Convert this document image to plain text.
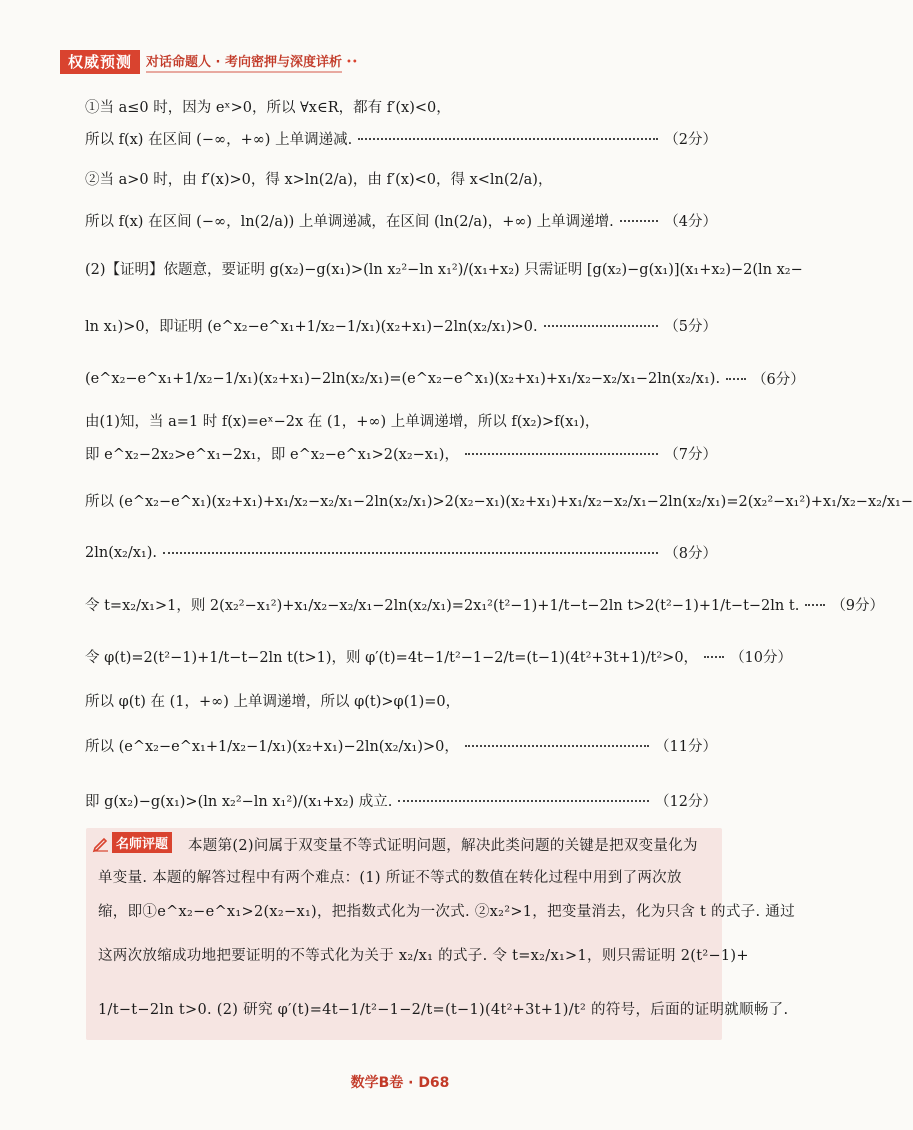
权威预测	对话命题人 · 考向密押与深度详析 ••
①当 a≤0 时，因为 eˣ>0，所以 ∀x∈R，都有 f′(x)<0，
所以 f(x) 在区间 (−∞，+∞) 上单调递减.	（2分）
②当 a>0 时，由 f′(x)>0，得 x>ln(2/a)，由 f′(x)<0，得 x<ln(2/a)，
所以 f(x) 在区间 (−∞，ln(2/a)) 上单调递减，在区间 (ln(2/a)，+∞) 上单调递增.	（4分）
(2)【证明】依题意，要证明 g(x₂)−g(x₁)>(ln x₂²−ln x₁²)/(x₁+x₂) 只需证明 [g(x₂)−g(x₁)](x₁+x₂)−2(ln x₂−
ln x₁)>0，即证明 (e^x₂−e^x₁+1/x₂−1/x₁)(x₂+x₁)−2ln(x₂/x₁)>0.	（5分）
(e^x₂−e^x₁+1/x₂−1/x₁)(x₂+x₁)−2ln(x₂/x₁)=(e^x₂−e^x₁)(x₂+x₁)+x₁/x₂−x₂/x₁−2ln(x₂/x₁). （6分）
由(1)知，当 a=1 时 f(x)=eˣ−2x 在 (1，+∞) 上单调递增，所以 f(x₂)>f(x₁)，
即 e^x₂−2x₂>e^x₁−2x₁，即 e^x₂−e^x₁>2(x₂−x₁)，	（7分）
所以 (e^x₂−e^x₁)(x₂+x₁)+x₁/x₂−x₂/x₁−2ln(x₂/x₁)>2(x₂−x₁)(x₂+x₁)+x₁/x₂−x₂/x₁−2ln(x₂/x₁)=2(x₂²−x₁²)+x₁/x₂−x₂/x₁−
2ln(x₂/x₁).	（8分）
令 t=x₂/x₁>1，则 2(x₂²−x₁²)+x₁/x₂−x₂/x₁−2ln(x₂/x₁)=2x₁²(t²−1)+1/t−t−2ln t>2(t²−1)+1/t−t−2ln t. （9分）
令 φ(t)=2(t²−1)+1/t−t−2ln t(t>1)，则 φ′(t)=4t−1/t²−1−2/t=(t−1)(4t²+3t+1)/t²>0， （10分）
所以 φ(t) 在 (1，+∞) 上单调递增，所以 φ(t)>φ(1)=0，
所以 (e^x₂−e^x₁+1/x₂−1/x₁)(x₂+x₁)−2ln(x₂/x₁)>0，	（11分）
即 g(x₂)−g(x₁)>(ln x₂²−ln x₁²)/(x₁+x₂) 成立.	（12分）
名师评题 本题第(2)问属于双变量不等式证明问题，解决此类问题的关键是把双变量化为
单变量. 本题的解答过程中有两个难点：(1) 所证不等式的数值在转化过程中用到了两次放
缩，即①e^x₂−e^x₁>2(x₂−x₁)，把指数式化为一次式. ②x₂²>1，把变量消去，化为只含 t 的式子. 通过
这两次放缩成功地把要证明的不等式化为关于 x₂/x₁ 的式子. 令 t=x₂/x₁>1，则只需证明 2(t²−1)+
1/t−t−2ln t>0. (2) 研究 φ′(t)=4t−1/t²−1−2/t=(t−1)(4t²+3t+1)/t² 的符号，后面的证明就顺畅了.
数学B卷 · D68
